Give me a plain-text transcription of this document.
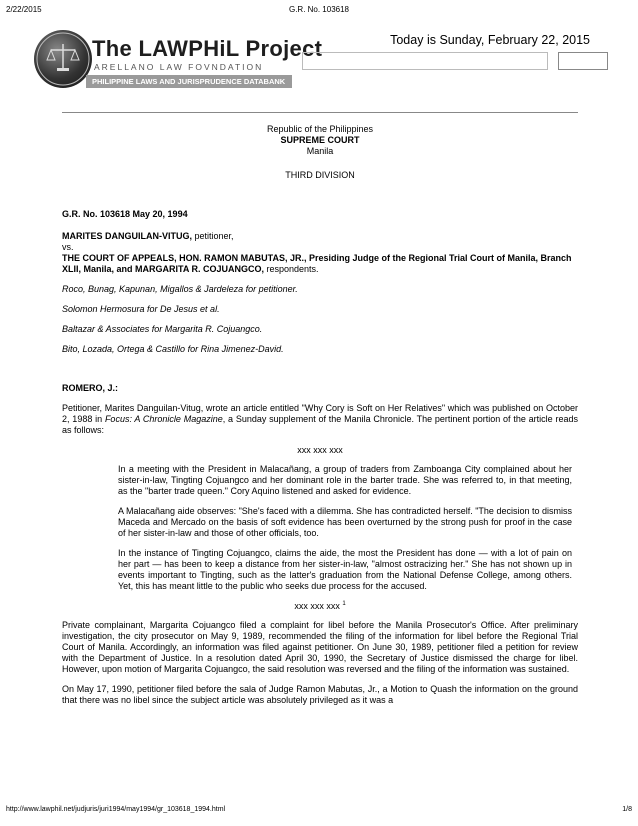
2/22/2015	G.R. No. 103618
The LAWPHiL Project
ARELLANO LAW FOVNDATION
PHILIPPINE LAWS AND JURISPRUDENCE DATABANK
Today is Sunday, February 22, 2015

Republic of the Philippines

SUPREME COURT

Manila

THIRD DIVISION

G.R. No. 103618 May 20, 1994

MARITES DANGUILAN-VITUG, petitioner,

vs.

THE COURT OF APPEALS, HON. RAMON MABUTAS, JR., Presiding Judge of the Regional Trial Court of Manila, Branch XLII, Manila, and MARGARITA R. COJUANGCO, respondents.

Roco, Bunag, Kapunan, Migallos & Jardeleza for petitioner.

Solomon Hermosura for De Jesus et al.

Baltazar & Associates for Margarita R. Cojuangco.

Bito, Lozada, Ortega & Castillo for Rina Jimenez-David.

ROMERO, J.:

Petitioner, Marites Danguilan-Vitug, wrote an article entitled "Why Cory is Soft on Her Relatives" which was published on October 2, 1988 in Focus: A Chronicle Magazine, a Sunday supplement of the Manila Chronicle. The pertinent portion of the article reads as follows:

xxx xxx xxx

In a meeting with the President in Malacañang, a group of traders from Zamboanga City complained about her sister-in-law, Tingting Cojuangco and her dominant role in the barter trade. She was referred to, in that meeting, as the "barter trade queen." Cory Aquino listened and asked for evidence.

A Malacañang aide observes: "She's faced with a dilemma. She has contradicted herself. "The decision to dismiss Maceda and Mercado on the basis of soft evidence has been overturned by the strong push for proof in the case of her sister-in-law and those of other officials, too.

In the instance of Tingting Cojuangco, claims the aide, the most the President has done — with a lot of pain on her part — has been to keep a distance from her sister-in-law, "almost ostracizing her." She has not shown up in events important to Tingting, such as the latter's graduation from the National Defense College, among others. Yet, this has meant little to the public who seeks due process for the accused.

xxx xxx xxx $^1$

Private complainant, Margarita Cojuangco filed a complaint for libel before the Manila Prosecutor's Office. After preliminary investigation, the city prosecutor on May 9, 1989, recommended the filing of the information for libel before the Regional Trial Court of Manila. Accordingly, an information was filed against petitioner. On June 30, 1989, petitioner filed a petition for review with the Department of Justice. In a resolution dated April 30, 1990, the Secretary of Justice dismissed the charge for libel. However, upon motion of Margarita Cojuangco, the said resolution was reversed and the filing of the information was sustained.

On May 17, 1990, petitioner filed before the sala of Judge Ramon Mabutas, Jr., a Motion to Quash the information on the ground that there was no libel since the subject article was absolutely privileged as it was a

http://www.lawphil.net/judjuris/juri1994/may1994/gr_103618_1994.html	1/8
